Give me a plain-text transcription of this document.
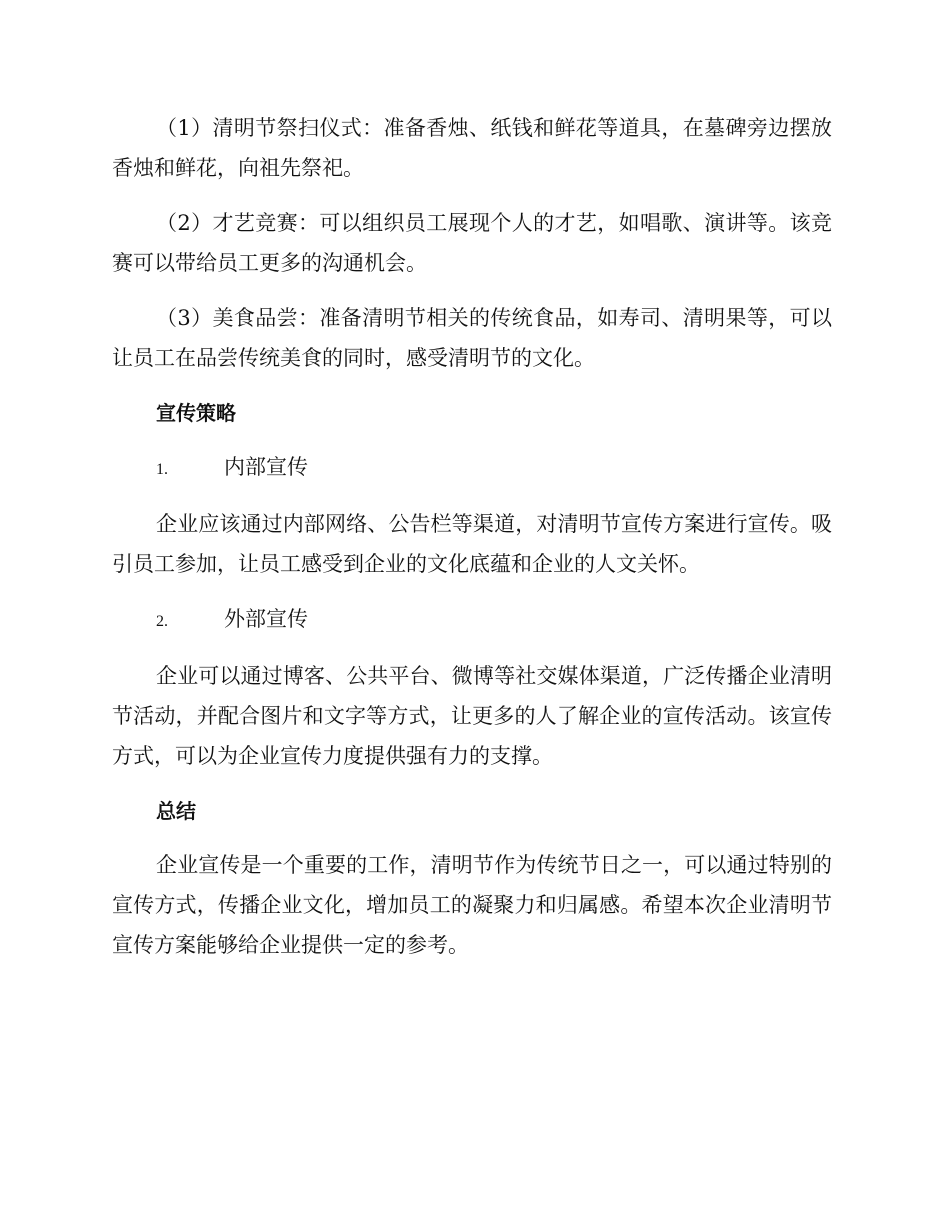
（1）清明节祭扫仪式：准备香烛、纸钱和鲜花等道具，在墓碑旁边摆放香烛和鲜花，向祖先祭祀。

（2）才艺竞赛：可以组织员工展现个人的才艺，如唱歌、演讲等。该竞赛可以带给员工更多的沟通机会。

（3）美食品尝：准备清明节相关的传统食品，如寿司、清明果等，可以让员工在品尝传统美食的同时，感受清明节的文化。

宣传策略
1.	内部宣传

企业应该通过内部网络、公告栏等渠道，对清明节宣传方案进行宣传。吸引员工参加，让员工感受到企业的文化底蕴和企业的人文关怀。

2.	外部宣传

企业可以通过博客、公共平台、微博等社交媒体渠道，广泛传播企业清明节活动，并配合图片和文字等方式，让更多的人了解企业的宣传活动。该宣传方式，可以为企业宣传力度提供强有力的支撑。

总结

企业宣传是一个重要的工作，清明节作为传统节日之一，可以通过特别的宣传方式，传播企业文化，增加员工的凝聚力和归属感。希望本次企业清明节宣传方案能够给企业提供一定的参考。
